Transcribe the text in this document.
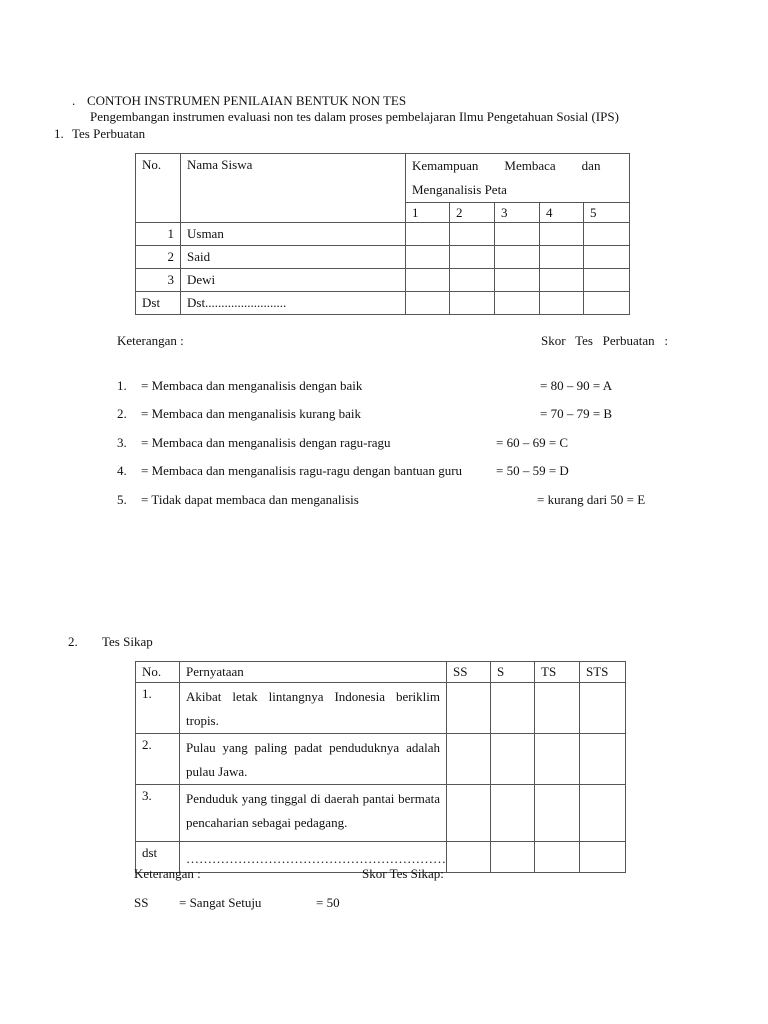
. CONTOH INSTRUMEN PENILAIAN BENTUK NON TES
Pengembangan instrumen evaluasi non tes dalam proses pembelajaran Ilmu Pengetahuan Sosial (IPS)
1. Tes Perbuatan
No.	Nama Siswa	Kemampuan        Membaca        dan
Menganalisis Peta				

		1	2	3	4	5
1	Usman					
2	Said					
3	Dewi					
Dst	Dst.........................					
Keterangan :	Skor   Tes   Perbuatan   :
1. = Membaca dan menganalisis dengan baik	= 80 – 90 = A
2. = Membaca dan menganalisis kurang baik	= 70 – 79 = B
3. = Membaca dan menganalisis dengan ragu-ragu	= 60 – 69 = C
4. = Membaca dan menganalisis ragu-ragu dengan bantuan guru	= 50 – 59 = D
5. = Tidak dapat membaca dan menganalisis	= kurang dari 50 = E
2. Tes Sikap
No.	Pernyataan	SS	S	TS	STS
1.	Akibat letak lintangnya Indonesia beriklim tropis.				
2.	Pulau yang paling padat penduduknya adalah pulau Jawa.				
3.	Penduduk yang tinggal di daerah pantai bermata pencaharian sebagai pedagang.				
dst	……………………………………………………				
Keterangan :	Skor Tes Sikap:
SS = Sangat Setuju	= 50
